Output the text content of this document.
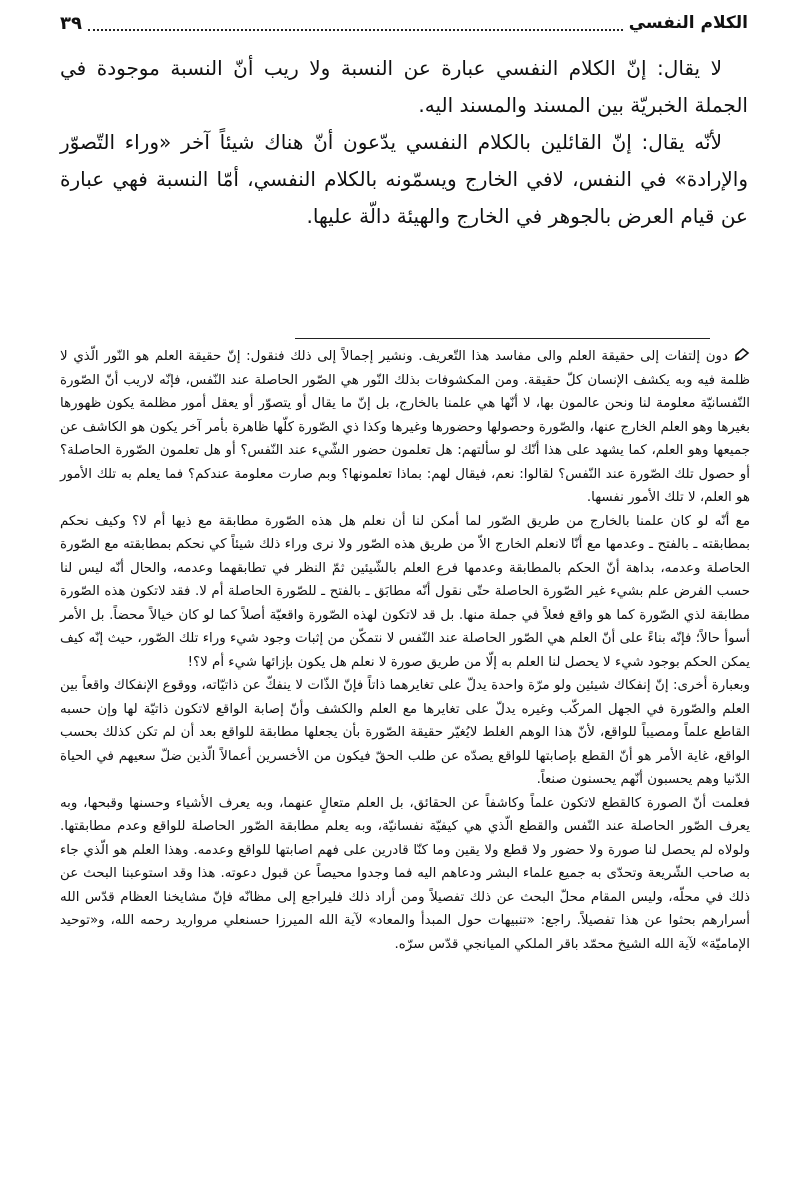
الكلام النفسي
٣٩

لا يقال: إنّ الكلام النفسي عبارة عن النسبة ولا ريب أنّ النسبة موجودة في الجملة الخبريّة بين المسند والمسند اليه.

لأنّه يقال: إنّ القائلين بالكلام النفسي يدّعون أنّ هناك شيئاً آخر «وراء التّصوّر والإرادة» في النفس، لافي الخارج ويسمّونه بالكلام النفسي، أمّا النسبة فهي عبارة عن قيام العرض بالجوهر في الخارج والهيئة دالّة عليها.

دون إلتفات إلى حقيقة العلم والى مفاسد هذا التّعريف. ونشير إجمالاً إلى ذلك فنقول: إنّ حقيقة العلم هو النّور الّذي لا ظلمة فيه وبه يكشف الإنسان كلّ حقيقة. ومن المكشوفات بذلك النّور هي الصّور الحاصلة عند النّفس، فإنّه لاريب أنّ الصّورة النّفسانيّة معلومة لنا ونحن عالمون بها، لا أنّها هي علمنا بالخارج، بل إنّ ما يقال أو يتصوّر أو يعقل أمور مظلمة يكون ظهورها بغيرها وهو العلم الخارج عنها، والصّورة وحصولها وحضورها وغيرها وكذا ذي الصّورة كلّها ظاهرة بأمر آخر يكون هو الكاشف عن جميعها وهو العلم، كما يشهد على هذا أنّك لو سألتهم: هل تعلمون حضور الشّيء عند النّفس؟ أو هل تعلمون الصّورة الحاصلة؟ أو حصول تلك الصّورة عند النّفس؟ لقالوا: نعم، فيقال لهم: بماذا تعلمونها؟ وبم صارت معلومة عندكم؟ فما يعلم به تلك الأمور هو العلم، لا تلك الأمور نفسها.

مع أنّه لو كان علمنا بالخارج من طريق الصّور لما أمكن لنا أن نعلم هل هذه الصّورة مطابقة مع ذيها أم لا؟ وكيف نحكم بمطابقته ـ بالفتح ـ وعدمها مع أنّا لانعلم الخارج الاّ من طريق هذه الصّور ولا نرى وراء ذلك شيئاً كي نحكم بمطابقته مع الصّورة الحاصلة وعدمه، بداهة أنّ الحكم بالمطابقة وعدمها فرع العلم بالشّيئين ثمّ النظر في تطابقهما وعدمه، والحال أنّه ليس لنا حسب الفرض علم بشيء غير الصّورة الحاصلة حتّى نقول أنّه مطابَق ـ بالفتح ـ للصّورة الحاصلة أم لا. فقد لاتكون هذه الصّورة مطابقة لذي الصّورة كما هو واقع فعلاً في جملة منها. بل قد لاتكون لهذه الصّورة واقعيّة أصلاً كما لو كان خيالاً محضاً. بل الأمر أسوأ حالاً؛ فإنّه بناءً على أنّ العلم هي الصّور الحاصلة عند النّفس لا نتمكّن من إثبات وجود شيء وراء تلك الصّور، حيث إنّه كيف يمكن الحكم بوجود شيء لا يحصل لنا العلم به إلّا من طريق صورة لا نعلم هل يكون بإزائها شيء أم لا؟!

وبعبارة أخرى: إنّ إنفكاك شيئين ولو مرّة واحدة يدلّ على تغايرهما ذاتاً فإنّ الذّات لا ينفكّ عن ذاتيّاته، ووقوع الإنفكاك واقعاً بين العلم والصّورة في الجهل المركّب وغيره يدلّ على تغايرها مع العلم والكشف وأنّ إصابة الواقع لاتكون ذاتيّة لها وإن حسبه القاطع علماً ومصيباً للواقع، لأنّ هذا الوهم الغلط لايُغيّر حقيقة الصّورة بأن يجعلها مطابقة للواقع بعد أن لم تكن كذلك بحسب الواقع، غاية الأمر هو أنّ القطع بإصابتها للواقع يصدّه عن طلب الحقّ فيكون من الأخسرين أعمالاً الّذين ضلّ سعيهم في الحياة الدّنيا وهم يحسبون أنّهم يحسنون صنعاً.

فعلمت أنّ الصورة كالقطع لاتكون علماً وكاشفاً عن الحقائق، بل العلم متعالٍ عنهما، وبه يعرف الأشياء وحسنها وقبحها، وبه يعرف الصّور الحاصلة عند النّفس والقطع الّذي هي كيفيّة نفسانيّة، وبه يعلم مطابقة الصّور الحاصلة للواقع وعدم مطابقتها. ولولاه لم يحصل لنا صورة ولا حضور ولا قطع ولا يقين وما كنّا قادرين على فهم اصابتها للواقع وعدمه. وهذا العلم هو الّذي جاء به صاحب الشّريعة وتحدّى به جميع علماء البشر ودعاهم اليه فما وجدوا محيصاً عن قبول دعوته. هذا وقد استوعبنا البحث عن ذلك في محلّه، وليس المقام محلّ البحث عن ذلك تفصيلاً ومن أراد ذلك فليراجع إلى مظانّه فإنّ مشايخنا العظام قدّس الله أسرارهم بحثوا عن هذا تفصيلاً. راجع: «تنبيهات حول المبدأ والمعاد» لآية الله الميرزا حسنعلي مرواريد رحمه الله، و«توحيد الإماميّة» لآية الله الشيخ محمّد باقر الملكي الميانجي قدّس سرّه.
